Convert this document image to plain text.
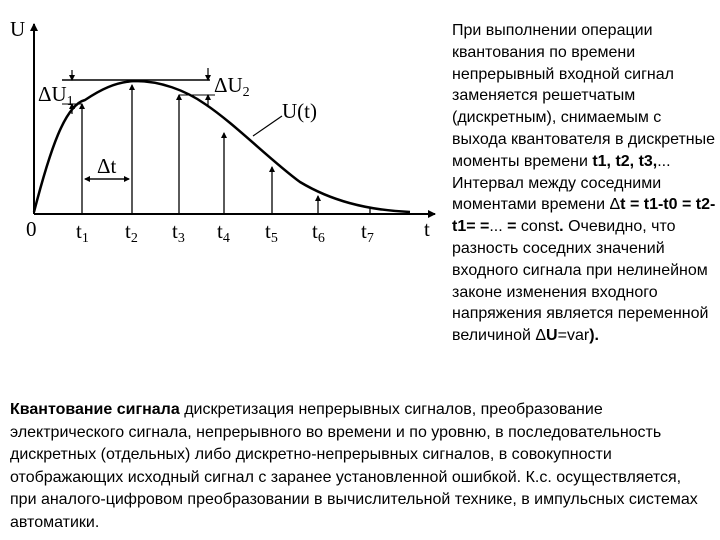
U
t
0
U(t)
ΔU1
ΔU2
Δt
t1 t2 t3 t4 t5 t6 t7
При выполнении операции квантования по времени непрерывный входной сигнал заменяется решетчатым (дискретным), снимаемым с выхода квантователя в дискретные моменты времени t1, t2, t3,... Интервал между соседними моментами времени Δt = t1-t0 = t2-t1= =... = const. Очевидно, что разность соседних значений входного сигнала при нелинейном законе изменения входного напряжения является переменной величиной ΔU=var).
Квантование сигнала дискретизация непрерывных сигналов, преобразование электрического сигнала, непрерывного во времени и по уровню, в последовательность дискретных (отдельных) либо дискретно-непрерывных сигналов, в совокупности отображающих исходный сигнал с заранее установленной ошибкой. К.с. осуществляется, при аналого-цифровом преобразовании в вычислительной технике, в импульсных системах автоматики.
